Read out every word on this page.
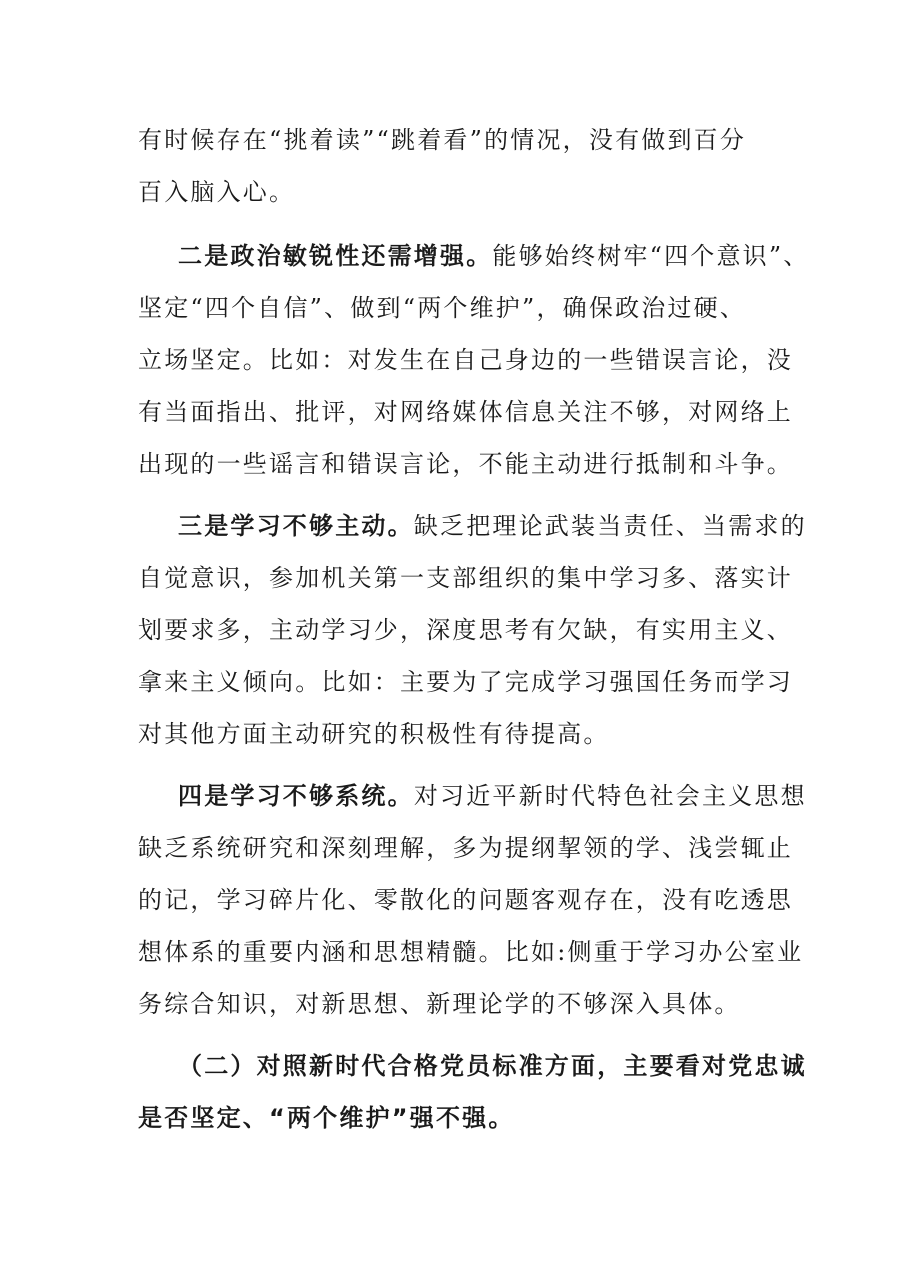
有时候存在“挑着读”“跳着看”的情况，没有做到百分
百入脑入心。
二是政治敏锐性还需增强。能够始终树牢“四个意识”、
坚定“四个自信”、做到“两个维护”，确保政治过硬、
立场坚定。比如：对发生在自己身边的一些错误言论，没
有当面指出、批评，对网络媒体信息关注不够，对网络上
出现的一些谣言和错误言论，不能主动进行抵制和斗争。
三是学习不够主动。缺乏把理论武装当责任、当需求的
自觉意识，参加机关第一支部组织的集中学习多、落实计
划要求多，主动学习少，深度思考有欠缺，有实用主义、
拿来主义倾向。比如：主要为了完成学习强国任务而学习
对其他方面主动研究的积极性有待提高。
四是学习不够系统。对习近平新时代特色社会主义思想
缺乏系统研究和深刻理解，多为提纲挈领的学、浅尝辄止
的记，学习碎片化、零散化的问题客观存在，没有吃透思
想体系的重要内涵和思想精髓。比如:侧重于学习办公室业
务综合知识，对新思想、新理论学的不够深入具体。
（二）对照新时代合格党员标准方面，主要看对党忠诚
是否坚定、“两个维护”强不强。
